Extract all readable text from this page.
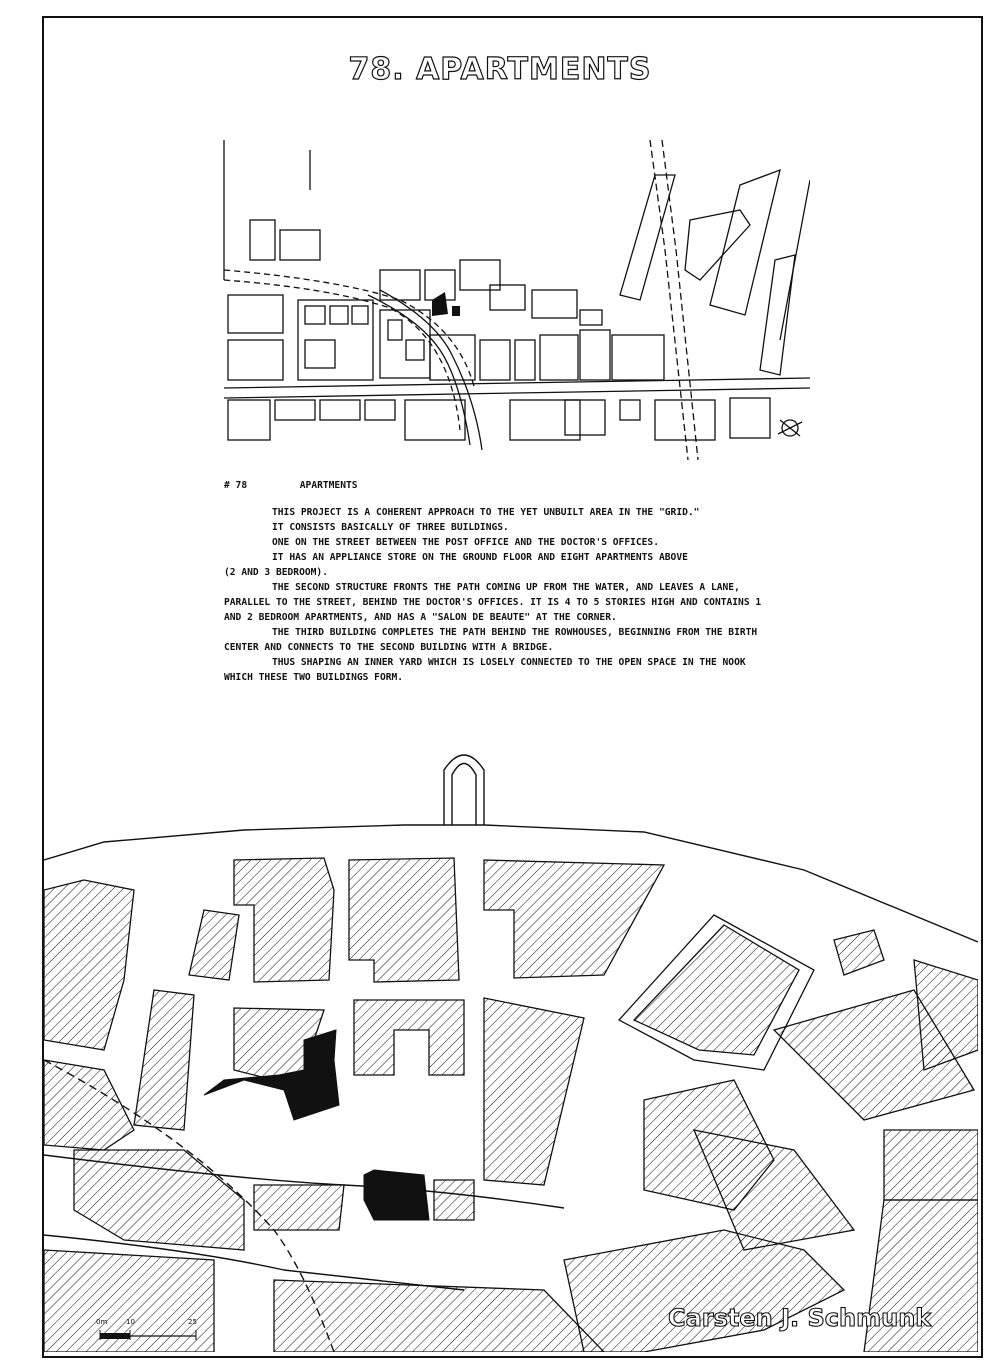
78. APARTMENTS
# 78	APARTMENTS

THIS PROJECT IS A COHERENT APPROACH TO THE YET UNBUILT AREA IN THE "GRID."

IT CONSISTS BASICALLY OF THREE BUILDINGS.

ONE ON THE STREET BETWEEN THE POST OFFICE AND THE DOCTOR'S OFFICES.

IT HAS AN APPLIANCE STORE ON THE GROUND FLOOR AND EIGHT APARTMENTS ABOVE

(2 AND 3 BEDROOM).

THE SECOND STRUCTURE FRONTS THE PATH COMING UP FROM THE WATER, AND LEAVES A LANE, PARALLEL TO THE STREET, BEHIND THE DOCTOR'S OFFICES. IT IS 4 TO 5 STORIES HIGH AND CONTAINS 1 AND 2 BEDROOM APARTMENTS, AND HAS A "SALON DE BEAUTE" AT THE CORNER.

THE THIRD BUILDING COMPLETES THE PATH BEHIND THE ROWHOUSES, BEGINNING FROM THE BIRTH CENTER AND CONNECTS TO THE SECOND BUILDING WITH A BRIDGE.

THUS SHAPING AN INNER YARD WHICH IS LOSELY CONNECTED TO THE OPEN SPACE IN THE NOOK WHICH THESE TWO BUILDINGS FORM.

Carsten J. Schmunk
0m	10	25
